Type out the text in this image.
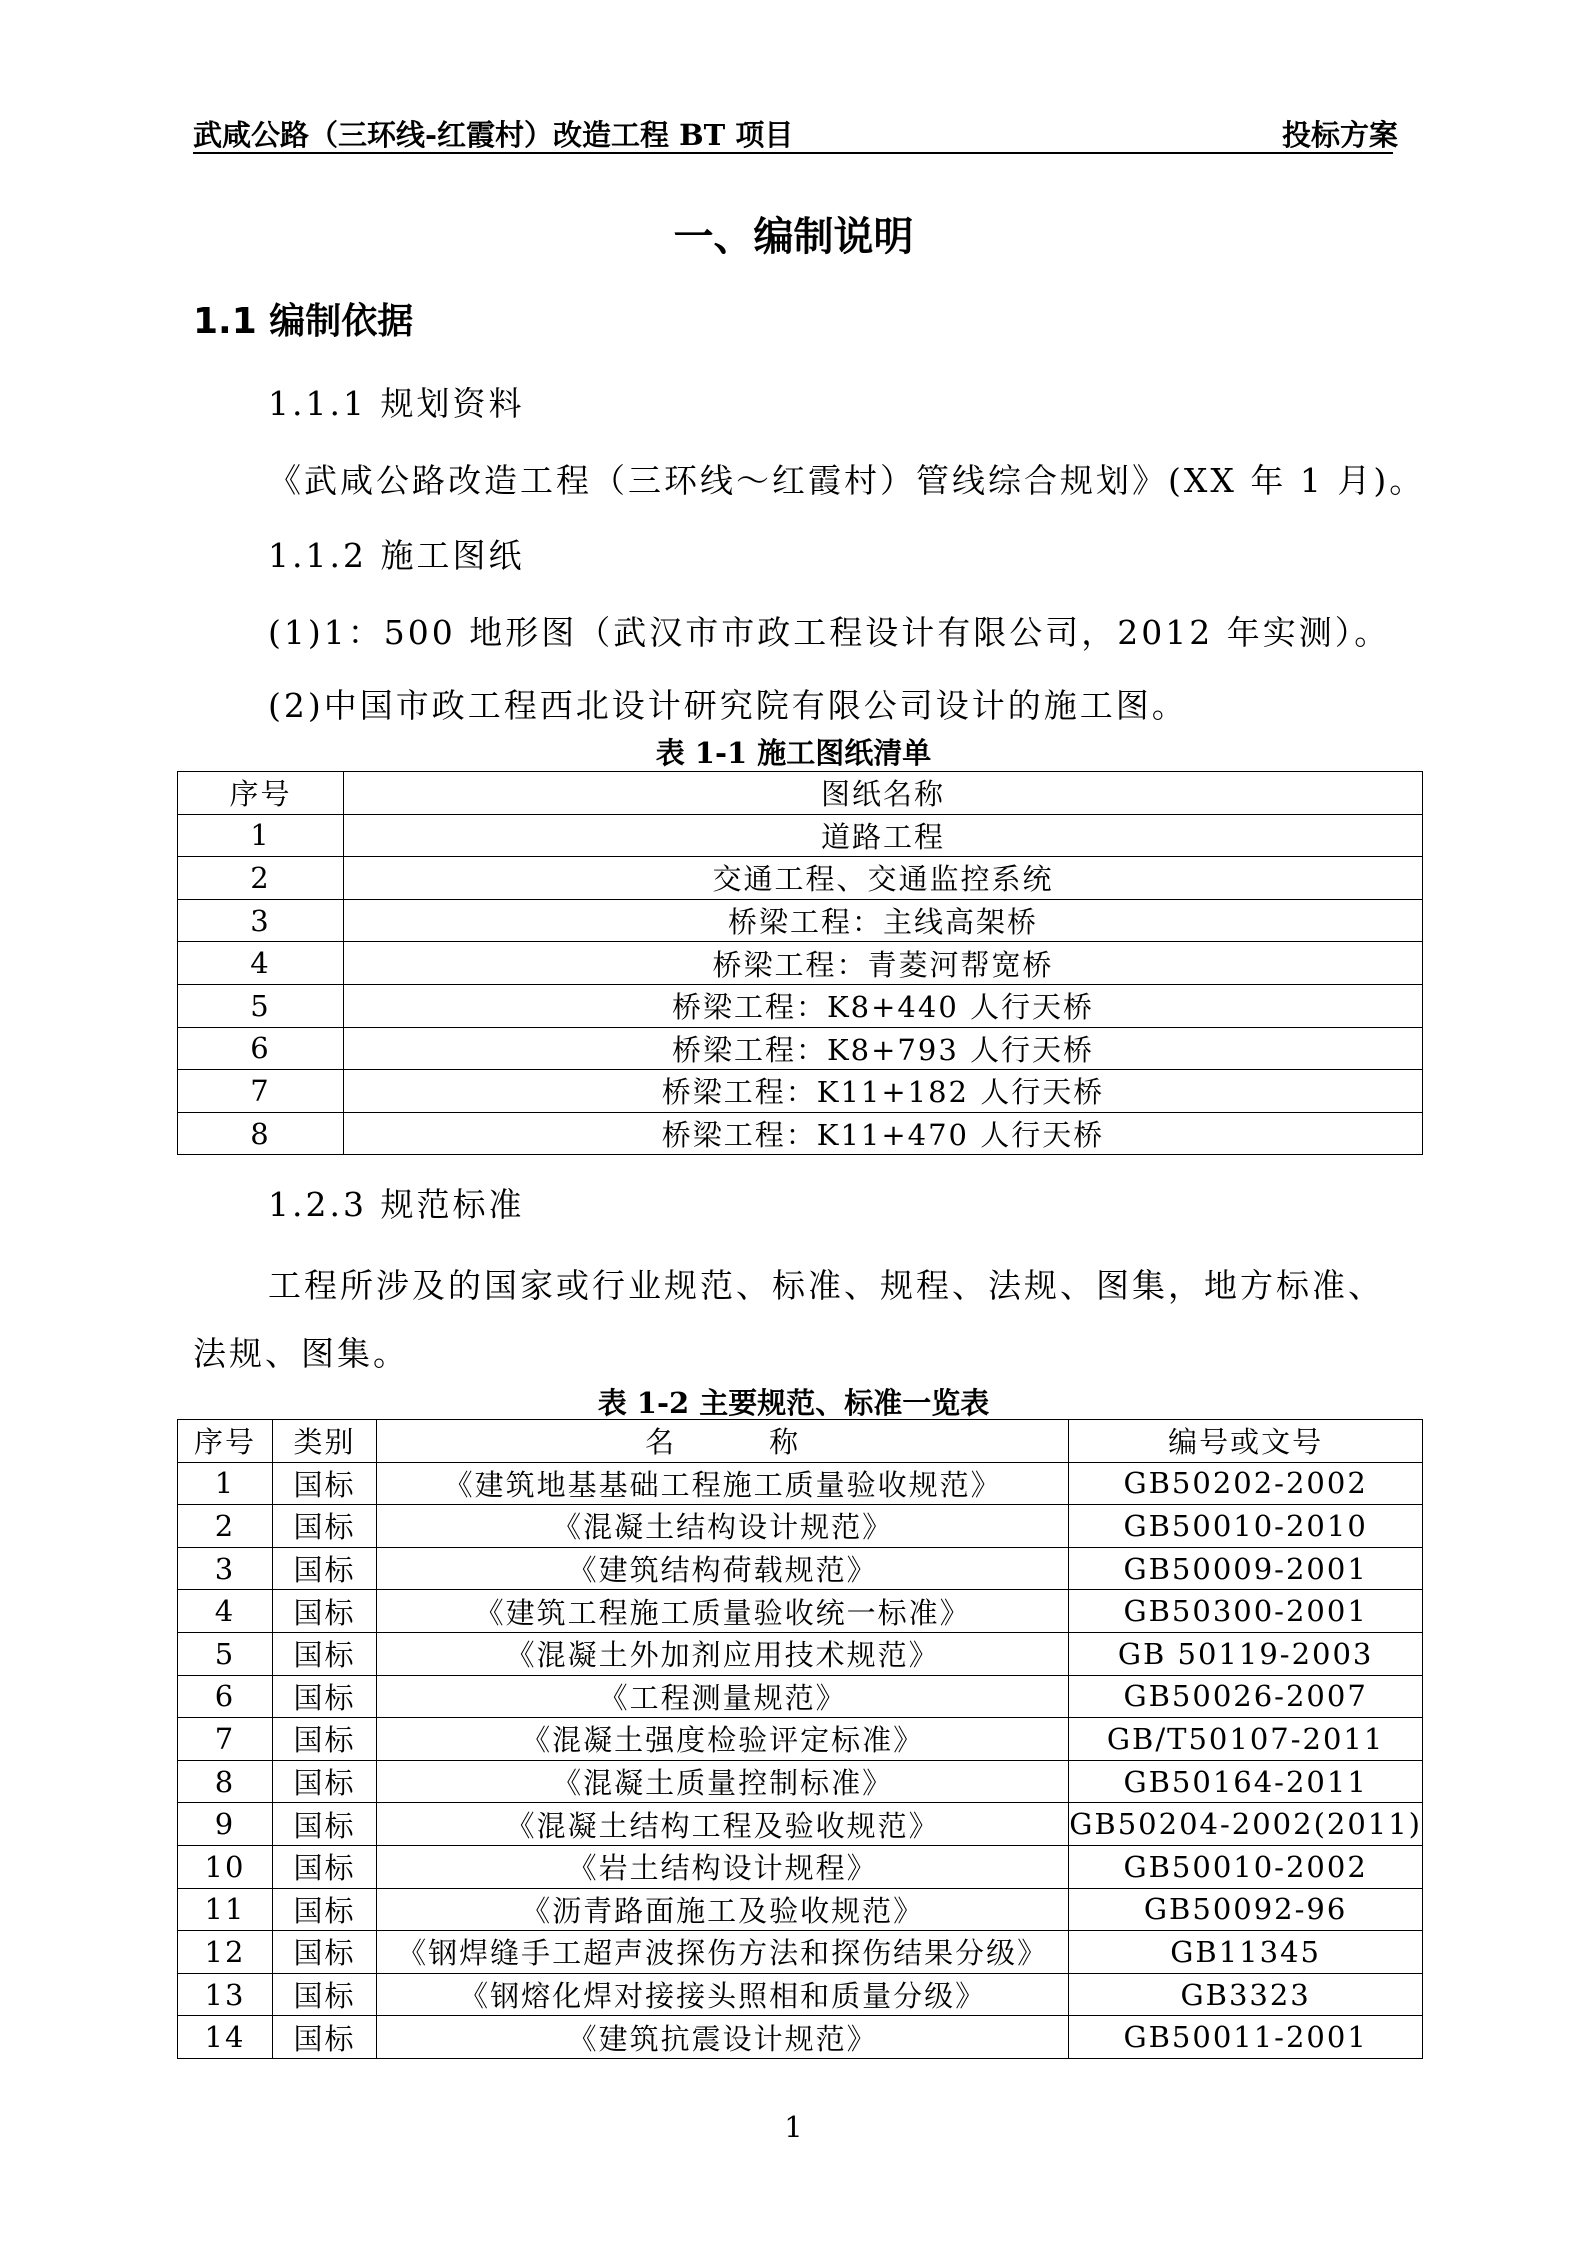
武咸公路（三环线-红霞村）改造工程 BT 项目	投标方案
一、编制说明
1.1 编制依据
1.1.1 规划资料
《武咸公路改造工程（三环线～红霞村）管线综合规划》(XX 年 1 月)。
1.1.2 施工图纸
(1)1：500 地形图（武汉市市政工程设计有限公司，2012 年实测）。
(2)中国市政工程西北设计研究院有限公司设计的施工图。
表 1-1 施工图纸清单
序号	图纸名称
1	道路工程
2	交通工程、交通监控系统
3	桥梁工程：主线高架桥
4	桥梁工程：青菱河帮宽桥
5	桥梁工程：K8+440 人行天桥
6	桥梁工程：K8+793 人行天桥
7	桥梁工程：K11+182 人行天桥
8	桥梁工程：K11+470 人行天桥
1.2.3 规范标准
工程所涉及的国家或行业规范、标准、规程、法规、图集，地方标准、
法规、图集。
表 1-2 主要规范、标准一览表
序号	类别	名　　　称	编号或文号
1	国标	《建筑地基基础工程施工质量验收规范》	GB50202-2002
2	国标	《混凝土结构设计规范》	GB50010-2010
3	国标	《建筑结构荷载规范》	GB50009-2001
4	国标	《建筑工程施工质量验收统一标准》	GB50300-2001
5	国标	《混凝土外加剂应用技术规范》	GB 50119-2003
6	国标	《工程测量规范》	GB50026-2007
7	国标	《混凝土强度检验评定标准》	GB/T50107-2011
8	国标	《混凝土质量控制标准》	GB50164-2011
9	国标	《混凝土结构工程及验收规范》	GB50204-2002(2011)
10	国标	《岩土结构设计规程》	GB50010-2002
11	国标	《沥青路面施工及验收规范》	GB50092-96
12	国标	《钢焊缝手工超声波探伤方法和探伤结果分级》	GB11345
13	国标	《钢熔化焊对接接头照相和质量分级》	GB3323
14	国标	《建筑抗震设计规范》	GB50011-2001
1
